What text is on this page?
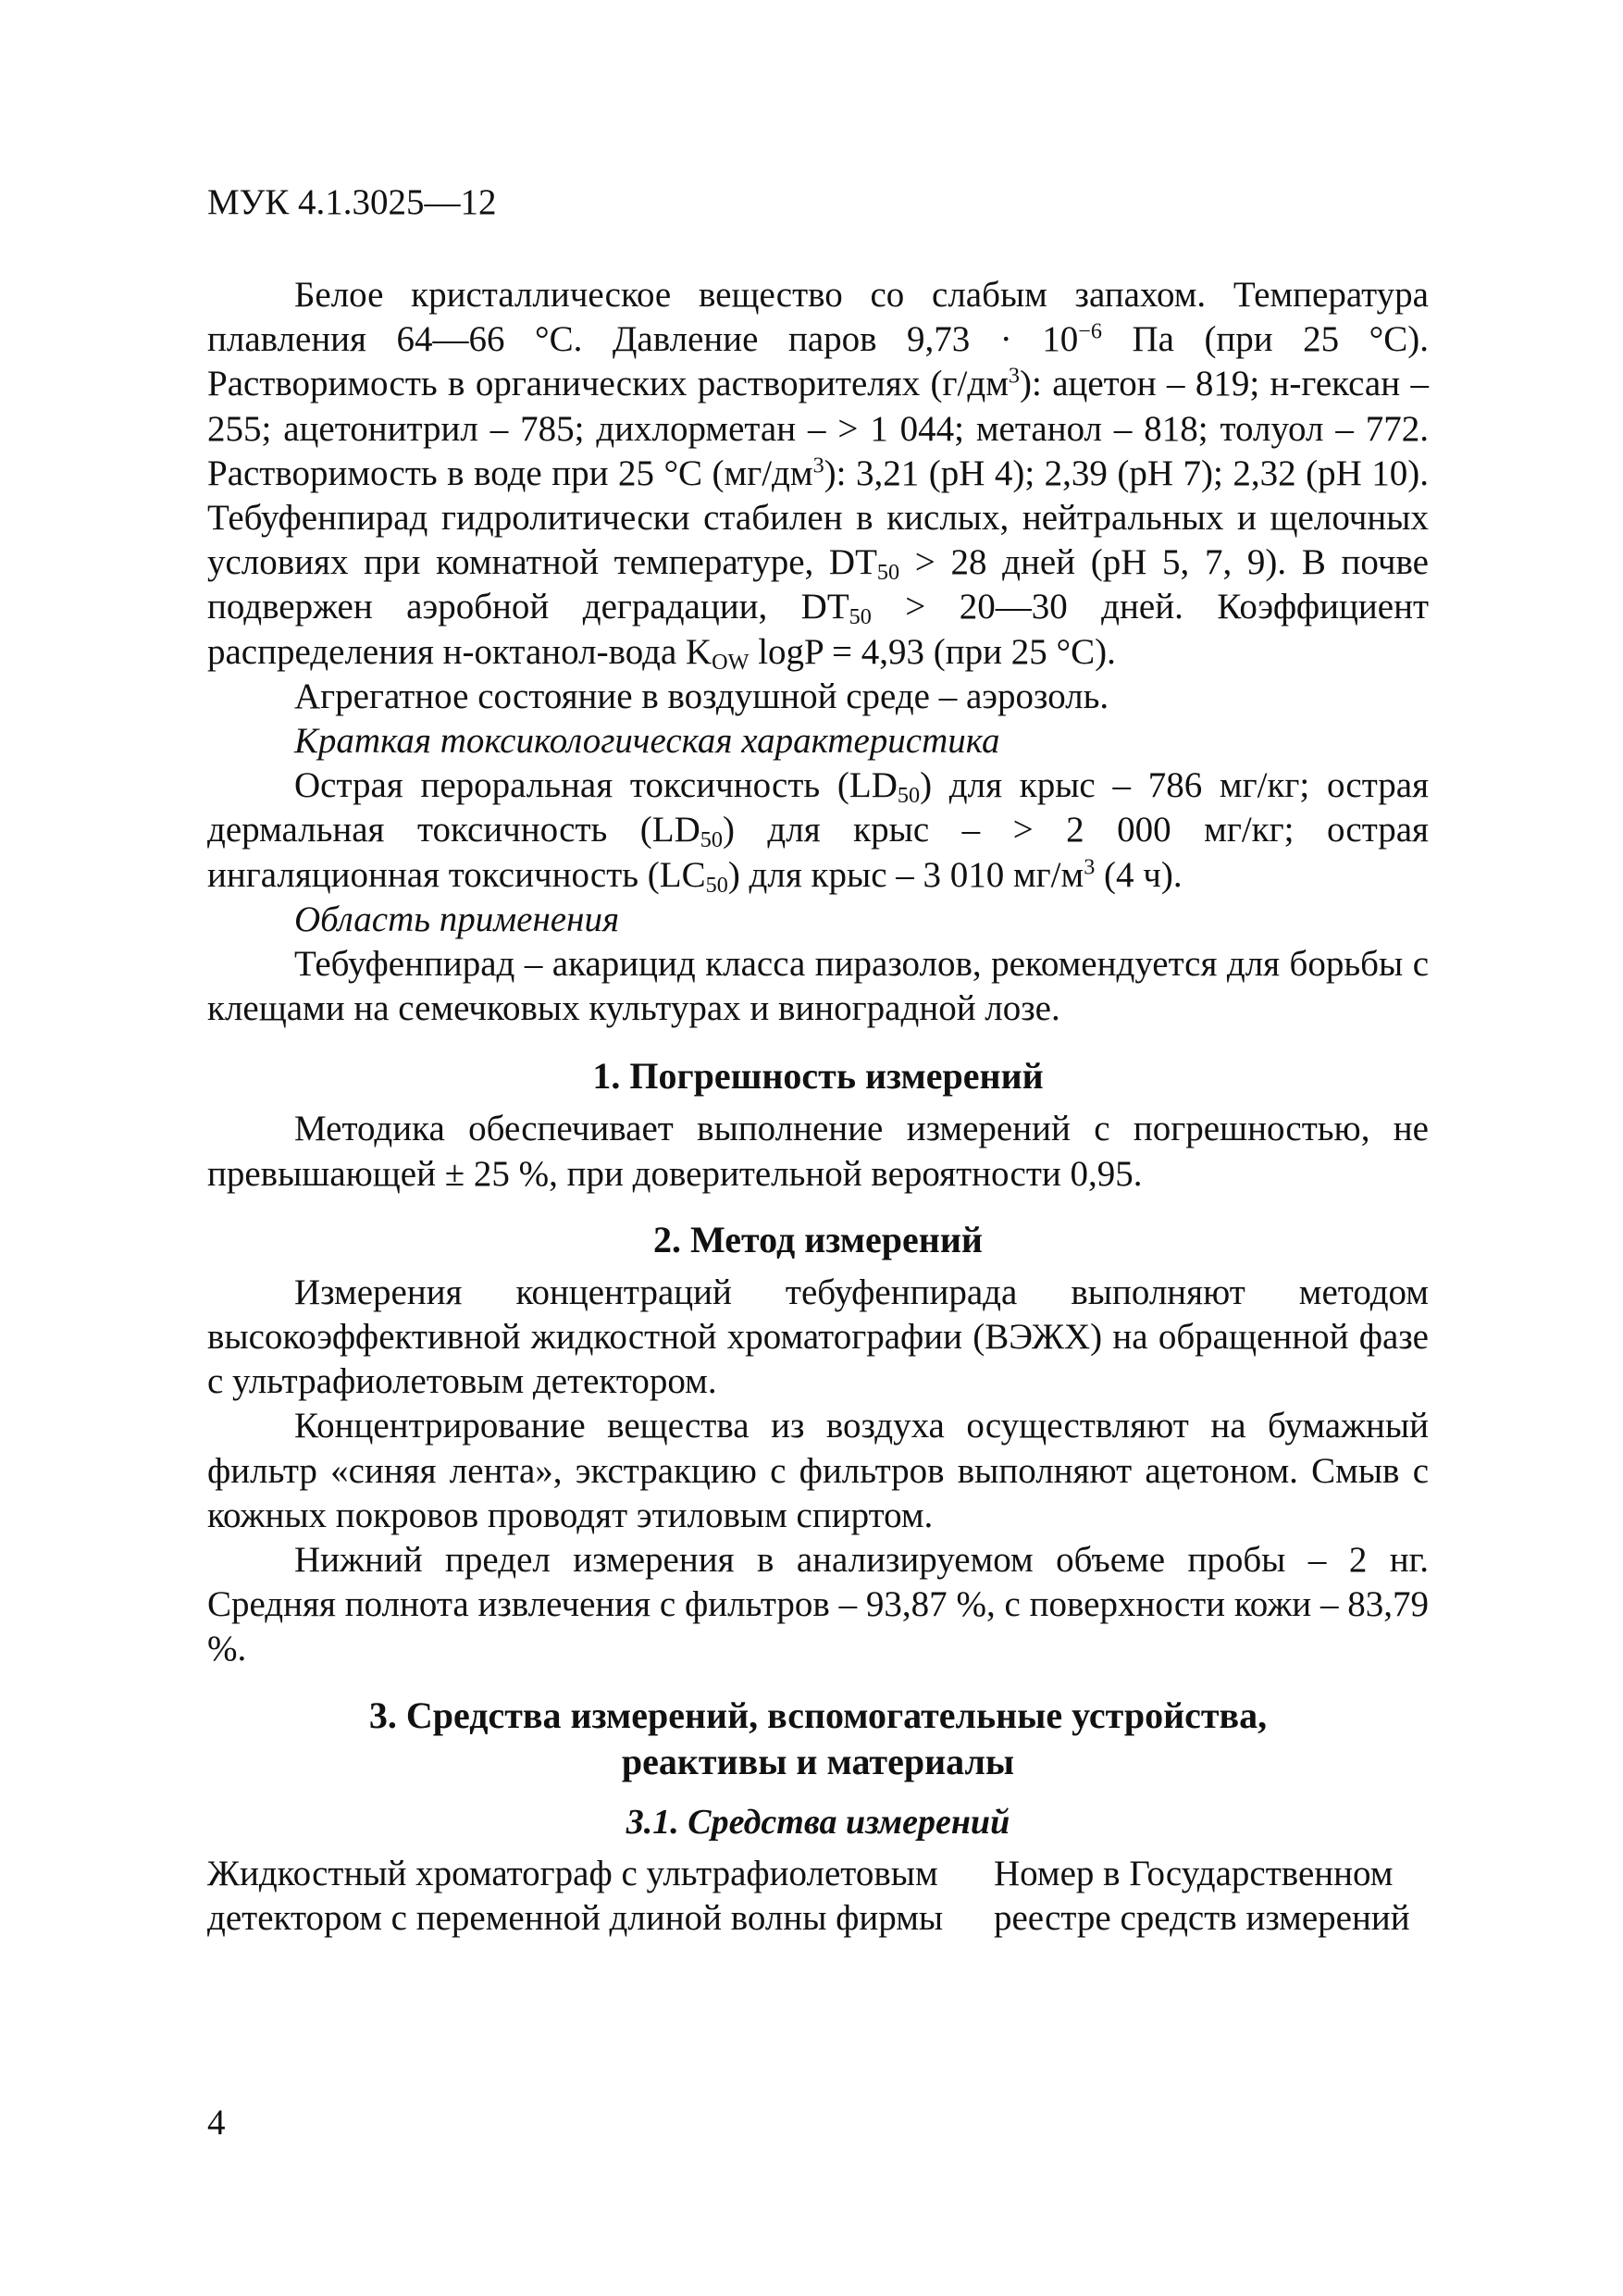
МУК 4.1.3025—12

Белое кристаллическое вещество со слабым запахом. Температура плавления 64—66 °C. Давление паров $9,73 \cdot 10^{-6}$ Па (при 25 °C). Растворимость в органических растворителях $(г/дм^3)$: ацетон – 819; н-гексан – 255; ацетонитрил – 785; дихлорметан – > 1 044; метанол – 818; толуол – 772. Растворимость в воде при 25 °C $(мг/дм^3)$: 3,21 (pH 4); 2,39 (pH 7); 2,32 (pH 10). Тебуфенпирад гидролитически стабилен в кислых, нейтральных и щелочных условиях при комнатной температуре, $DT_{50} > 28$ дней (pH 5, 7, 9). В почве подвержен аэробной деградации, $DT_{50}$ > 20—30 дней. Коэффициент распределения н-октанол-вода $K_{OW}$ logP = 4,93 (при 25 °C).

Агрегатное состояние в воздушной среде – аэрозоль.

Краткая токсикологическая характеристика

Острая пероральная токсичность $(LD_{50})$ для крыс – 786 мг/кг; острая дермальная токсичность $(LD_{50})$ для крыс – > 2 000 мг/кг; острая ингаляционная токсичность $(LC_{50})$ для крыс – 3 010 $мг/м^3$ (4 ч).

Область применения

Тебуфенпирад – акарицид класса пиразолов, рекомендуется для борьбы с клещами на семечковых культурах и виноградной лозе.

1. Погрешность измерений

Методика обеспечивает выполнение измерений с погрешностью, не превышающей ± 25 %, при доверительной вероятности 0,95.

2. Метод измерений

Измерения концентраций тебуфенпирада выполняют методом высокоэффективной жидкостной хроматографии (ВЭЖХ) на обращенной фазе с ультрафиолетовым детектором.

Концентрирование вещества из воздуха осуществляют на бумажный фильтр «синяя лента», экстракцию с фильтров выполняют ацетоном. Смыв с кожных покровов проводят этиловым спиртом.

Нижний предел измерения в анализируемом объеме пробы – 2 нг. Средняя полнота извлечения с фильтров – 93,87 %, с поверхности кожи – 83,79 %.

3. Средства измерений, вспомогательные устройства,
реактивы и материалы
3.1. Средства измерений
Жидкостный хроматограф с ультрафиолетовым детектором с переменной длиной волны фирмы
Номер в Государственном реестре средств измерений
4
